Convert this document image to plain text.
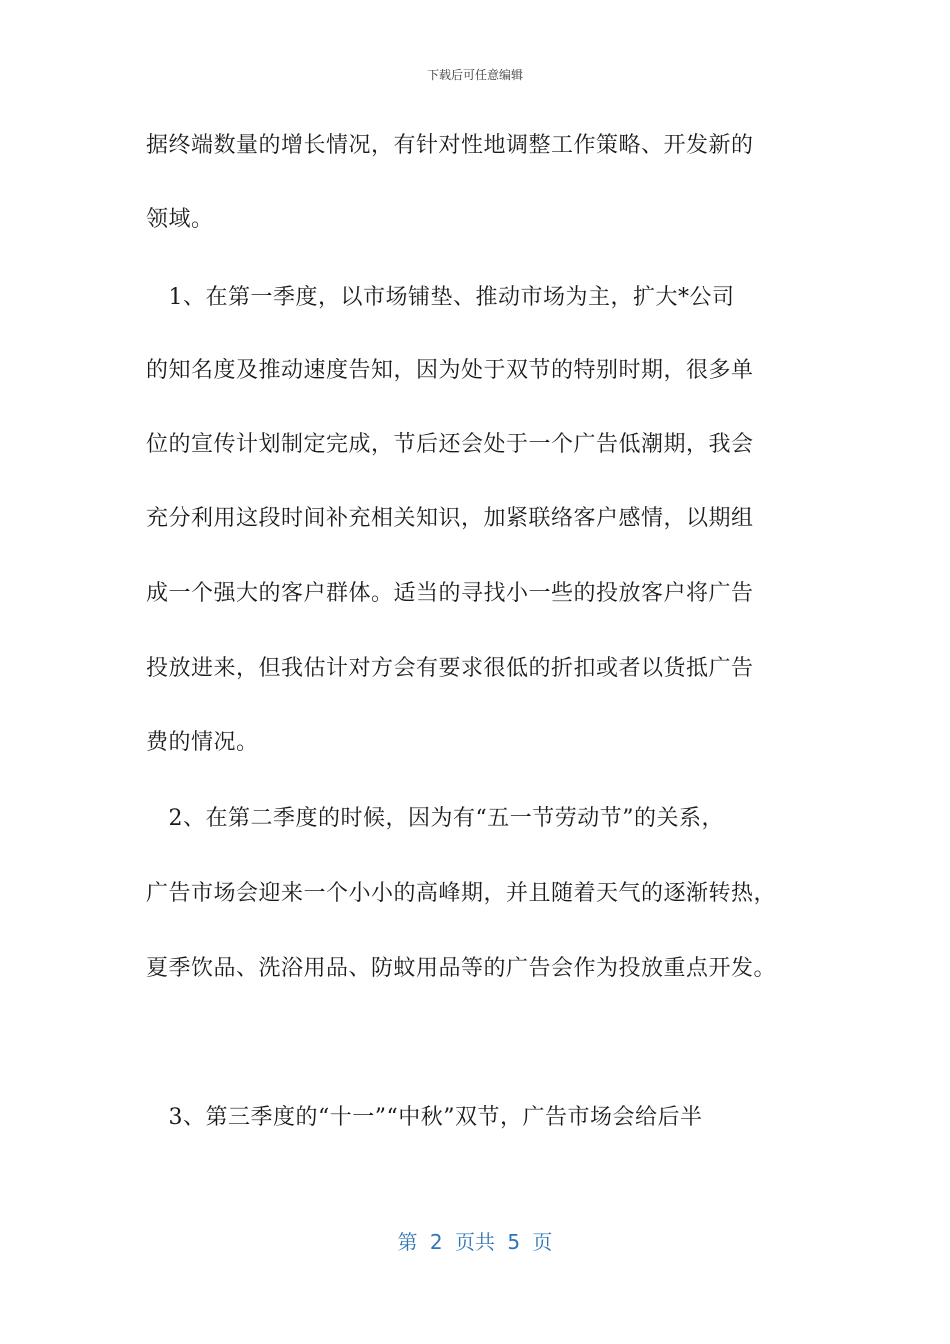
下载后可任意编辑
据终端数量的增长情况，有针对性地调整工作策略、开发新的
领域。
　1、在第一季度，以市场铺垫、推动市场为主，扩大*公司
的知名度及推动速度告知，因为处于双节的特别时期，很多单
位的宣传计划制定完成，节后还会处于一个广告低潮期，我会
充分利用这段时间补充相关知识，加紧联络客户感情，以期组
成一个强大的客户群体。适当的寻找小一些的投放客户将广告
投放进来，但我估计对方会有要求很低的折扣或者以货抵广告
费的情况。
　2、在第二季度的时候，因为有“五一节劳动节”的关系，
广告市场会迎来一个小小的高峰期，并且随着天气的逐渐转热，
夏季饮品、洗浴用品、防蚊用品等的广告会作为投放重点开发。
　3、第三季度的“十一”“中秋”双节，广告市场会给后半
第 2 页共 5 页
